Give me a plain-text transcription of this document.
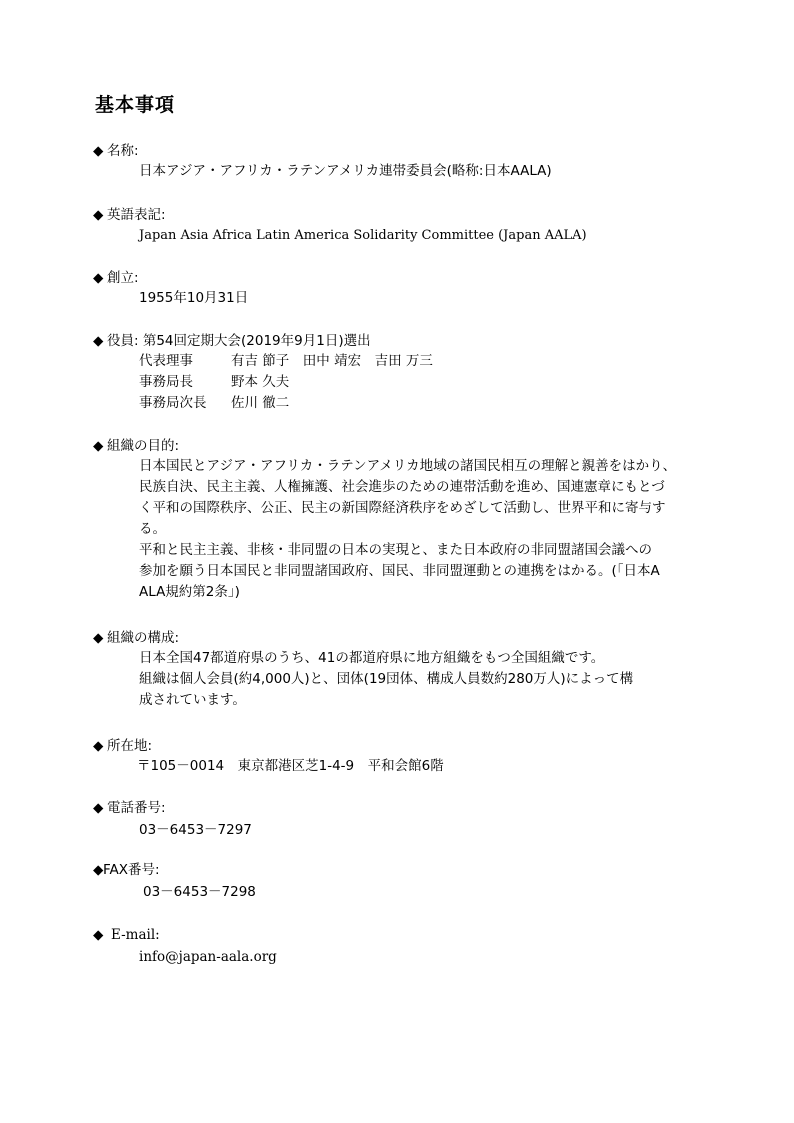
基本事項
◆ 名称:
日本アジア・アフリカ・ラテンアメリカ連帯委員会(略称:日本AALA)
◆ 英語表記:
Japan Asia Africa Latin America Solidarity Committee (Japan AALA)
◆ 創立:
1955年10月31日
◆ 役員: 第54回定期大会(2019年9月1日)選出
代表理事	有吉 節子　田中 靖宏　吉田 万三
事務局長	野本 久夫
事務局次長 佐川 徹二
◆ 組織の目的:
日本国民とアジア・アフリカ・ラテンアメリカ地域の諸国民相互の理解と親善をはかり、
民族自決、民主主義、人権擁護、社会進歩のための連帯活動を進め、国連憲章にもとづ
く平和の国際秩序、公正、民主の新国際経済秩序をめざして活動し、世界平和に寄与す
る。
平和と民主主義、非核・非同盟の日本の実現と、また日本政府の非同盟諸国会議への
参加を願う日本国民と非同盟諸国政府、国民、非同盟運動との連携をはかる。(「日本A
ALA規約第2条」)
◆ 組織の構成:
日本全国47都道府県のうち、41の都道府県に地方組織をもつ全国組織です。
組織は個人会員(約4,000人)と、団体(19団体、構成人員数約280万人)によって構
成されています。
◆ 所在地:
〒105－0014　東京都港区芝1-4-9　平和会館6階
◆ 電話番号:
03－6453－7297
◆FAX番号:
03－6453－7298
◆ E-mail:
info@japan-aala.org
